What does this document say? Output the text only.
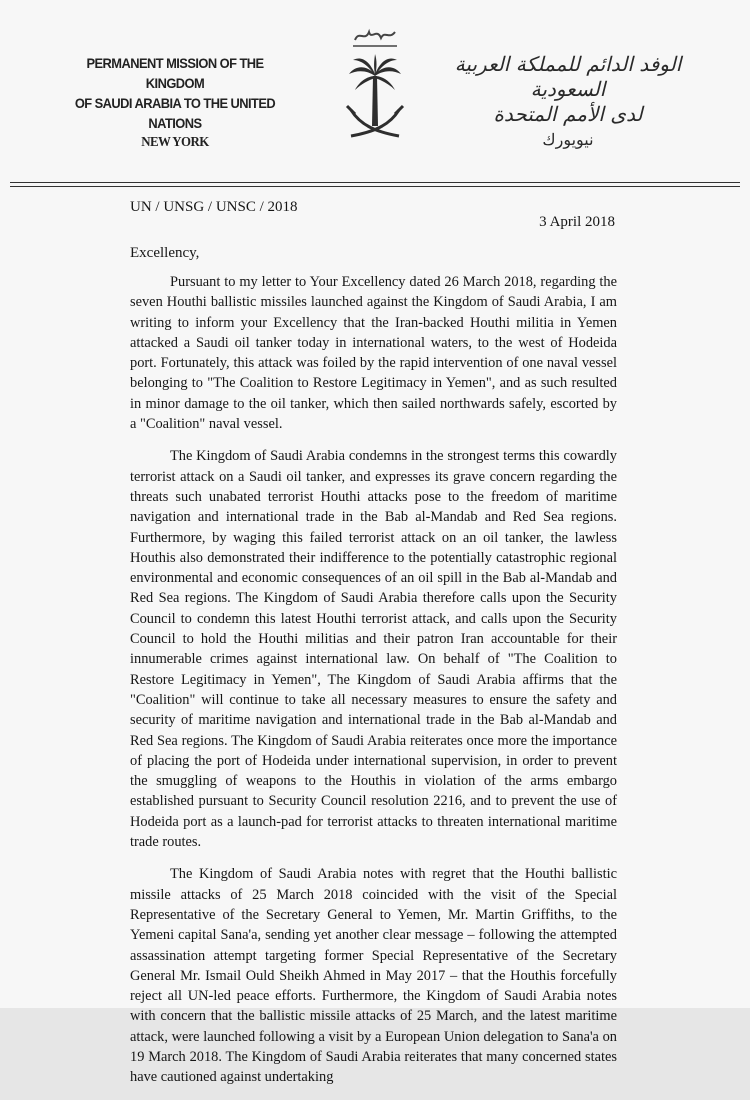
PERMANENT MISSION OF THE KINGDOM
OF SAUDI ARABIA TO THE UNITED NATIONS
NEW YORK
الوفد الدائم للمملكة العربية السعودية
لدى الأمم المتحدة
نيويورك
UN / UNSG / UNSC / 2018
3 April 2018
Excellency,

Pursuant to my letter to Your Excellency dated 26 March 2018, regarding the seven Houthi ballistic missiles launched against the Kingdom of Saudi Arabia, I am writing to inform your Excellency that the Iran-backed Houthi militia in Yemen attacked a Saudi oil tanker today in international waters, to the west of Hodeida port. Fortunately, this attack was foiled by the rapid intervention of one naval vessel belonging to "The Coalition to Restore Legitimacy in Yemen", and as such resulted in minor damage to the oil tanker, which then sailed northwards safely, escorted by a "Coalition" naval vessel.

The Kingdom of Saudi Arabia condemns in the strongest terms this cowardly terrorist attack on a Saudi oil tanker, and expresses its grave concern regarding the threats such unabated terrorist Houthi attacks pose to the freedom of maritime navigation and international trade in the Bab al-Mandab and Red Sea regions. Furthermore, by waging this failed terrorist attack on an oil tanker, the lawless Houthis also demonstrated their indifference to the potentially catastrophic regional environmental and economic consequences of an oil spill in the Bab al-Mandab and Red Sea regions. The Kingdom of Saudi Arabia therefore calls upon the Security Council to condemn this latest Houthi terrorist attack, and calls upon the Security Council to hold the Houthi militias and their patron Iran accountable for their innumerable crimes against international law. On behalf of "The Coalition to Restore Legitimacy in Yemen", The Kingdom of Saudi Arabia affirms that the "Coalition" will continue to take all necessary measures to ensure the safety and security of maritime navigation and international trade in the Bab al-Mandab and Red Sea regions. The Kingdom of Saudi Arabia reiterates once more the importance of placing the port of Hodeida under international supervision, in order to prevent the smuggling of weapons to the Houthis in violation of the arms embargo established pursuant to Security Council resolution 2216, and to prevent the use of Hodeida port as a launch-pad for terrorist attacks to threaten international maritime trade routes.

The Kingdom of Saudi Arabia notes with regret that the Houthi ballistic missile attacks of 25 March 2018 coincided with the visit of the Special Representative of the Secretary General to Yemen, Mr. Martin Griffiths, to the Yemeni capital Sana'a, sending yet another clear message – following the attempted assassination attempt targeting former Special Representative of the Secretary General Mr. Ismail Ould Sheikh Ahmed in May 2017 – that the Houthis forcefully reject all UN-led peace efforts. Furthermore, the Kingdom of Saudi Arabia notes with concern that the ballistic missile attacks of 25 March, and the latest maritime attack, were launched following a visit by a European Union delegation to Sana'a on 19 March 2018. The Kingdom of Saudi Arabia reiterates that many concerned states have cautioned against undertaking
